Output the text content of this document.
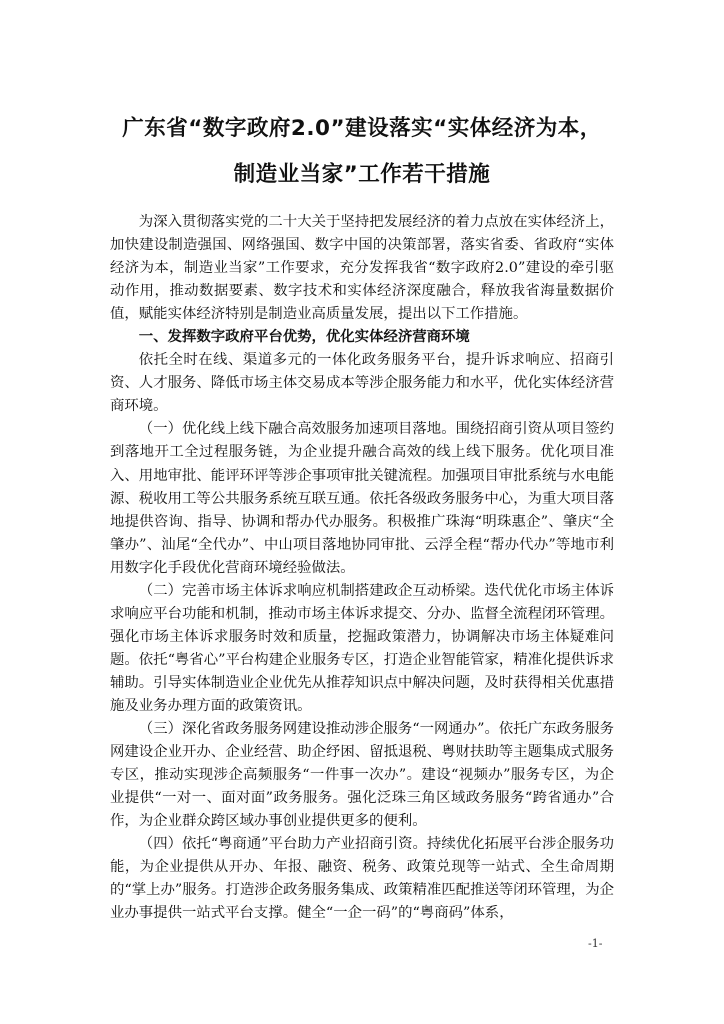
广东省“数字政府2.0”建设落实“实体经济为本，
制造业当家”工作若干措施

为深入贯彻落实党的二十大关于坚持把发展经济的着力点放在实体经济上，加快建设制造强国、网络强国、数字中国的决策部署，落实省委、省政府“实体经济为本，制造业当家”工作要求，充分发挥我省“数字政府2.0”建设的牵引驱动作用，推动数据要素、数字技术和实体经济深度融合，释放我省海量数据价值，赋能实体经济特别是制造业高质量发展，提出以下工作措施。

一、发挥数字政府平台优势，优化实体经济营商环境

依托全时在线、渠道多元的一体化政务服务平台，提升诉求响应、招商引资、人才服务、降低市场主体交易成本等涉企服务能力和水平，优化实体经济营商环境。

（一）优化线上线下融合高效服务加速项目落地。围绕招商引资从项目签约到落地开工全过程服务链，为企业提升融合高效的线上线下服务。优化项目准入、用地审批、能评环评等涉企事项审批关键流程。加强项目审批系统与水电能源、税收用工等公共服务系统互联互通。依托各级政务服务中心，为重大项目落地提供咨询、指导、协调和帮办代办服务。积极推广珠海“明珠惠企”、肇庆“全肇办”、汕尾“全代办”、中山项目落地协同审批、云浮全程“帮办代办”等地市利用数字化手段优化营商环境经验做法。

（二）完善市场主体诉求响应机制搭建政企互动桥梁。迭代优化市场主体诉求响应平台功能和机制，推动市场主体诉求提交、分办、监督全流程闭环管理。强化市场主体诉求服务时效和质量，挖掘政策潜力，协调解决市场主体疑难问题。依托“粤省心”平台构建企业服务专区，打造企业智能管家，精准化提供诉求辅助。引导实体制造业企业优先从推荐知识点中解决问题，及时获得相关优惠措施及业务办理方面的政策资讯。

（三）深化省政务服务网建设推动涉企服务“一网通办”。依托广东政务服务网建设企业开办、企业经营、助企纾困、留抵退税、粤财扶助等主题集成式服务专区，推动实现涉企高频服务“一件事一次办”。建设“视频办”服务专区，为企业提供“一对一、面对面”政务服务。强化泛珠三角区域政务服务“跨省通办”合作，为企业群众跨区域办事创业提供更多的便利。

（四）依托“粤商通”平台助力产业招商引资。持续优化拓展平台涉企服务功能，为企业提供从开办、年报、融资、税务、政策兑现等一站式、全生命周期的“掌上办”服务。打造涉企政务服务集成、政策精准匹配推送等闭环管理，为企业办事提供一站式平台支撑。健全“一企一码”的“粤商码”体系，

-1-
